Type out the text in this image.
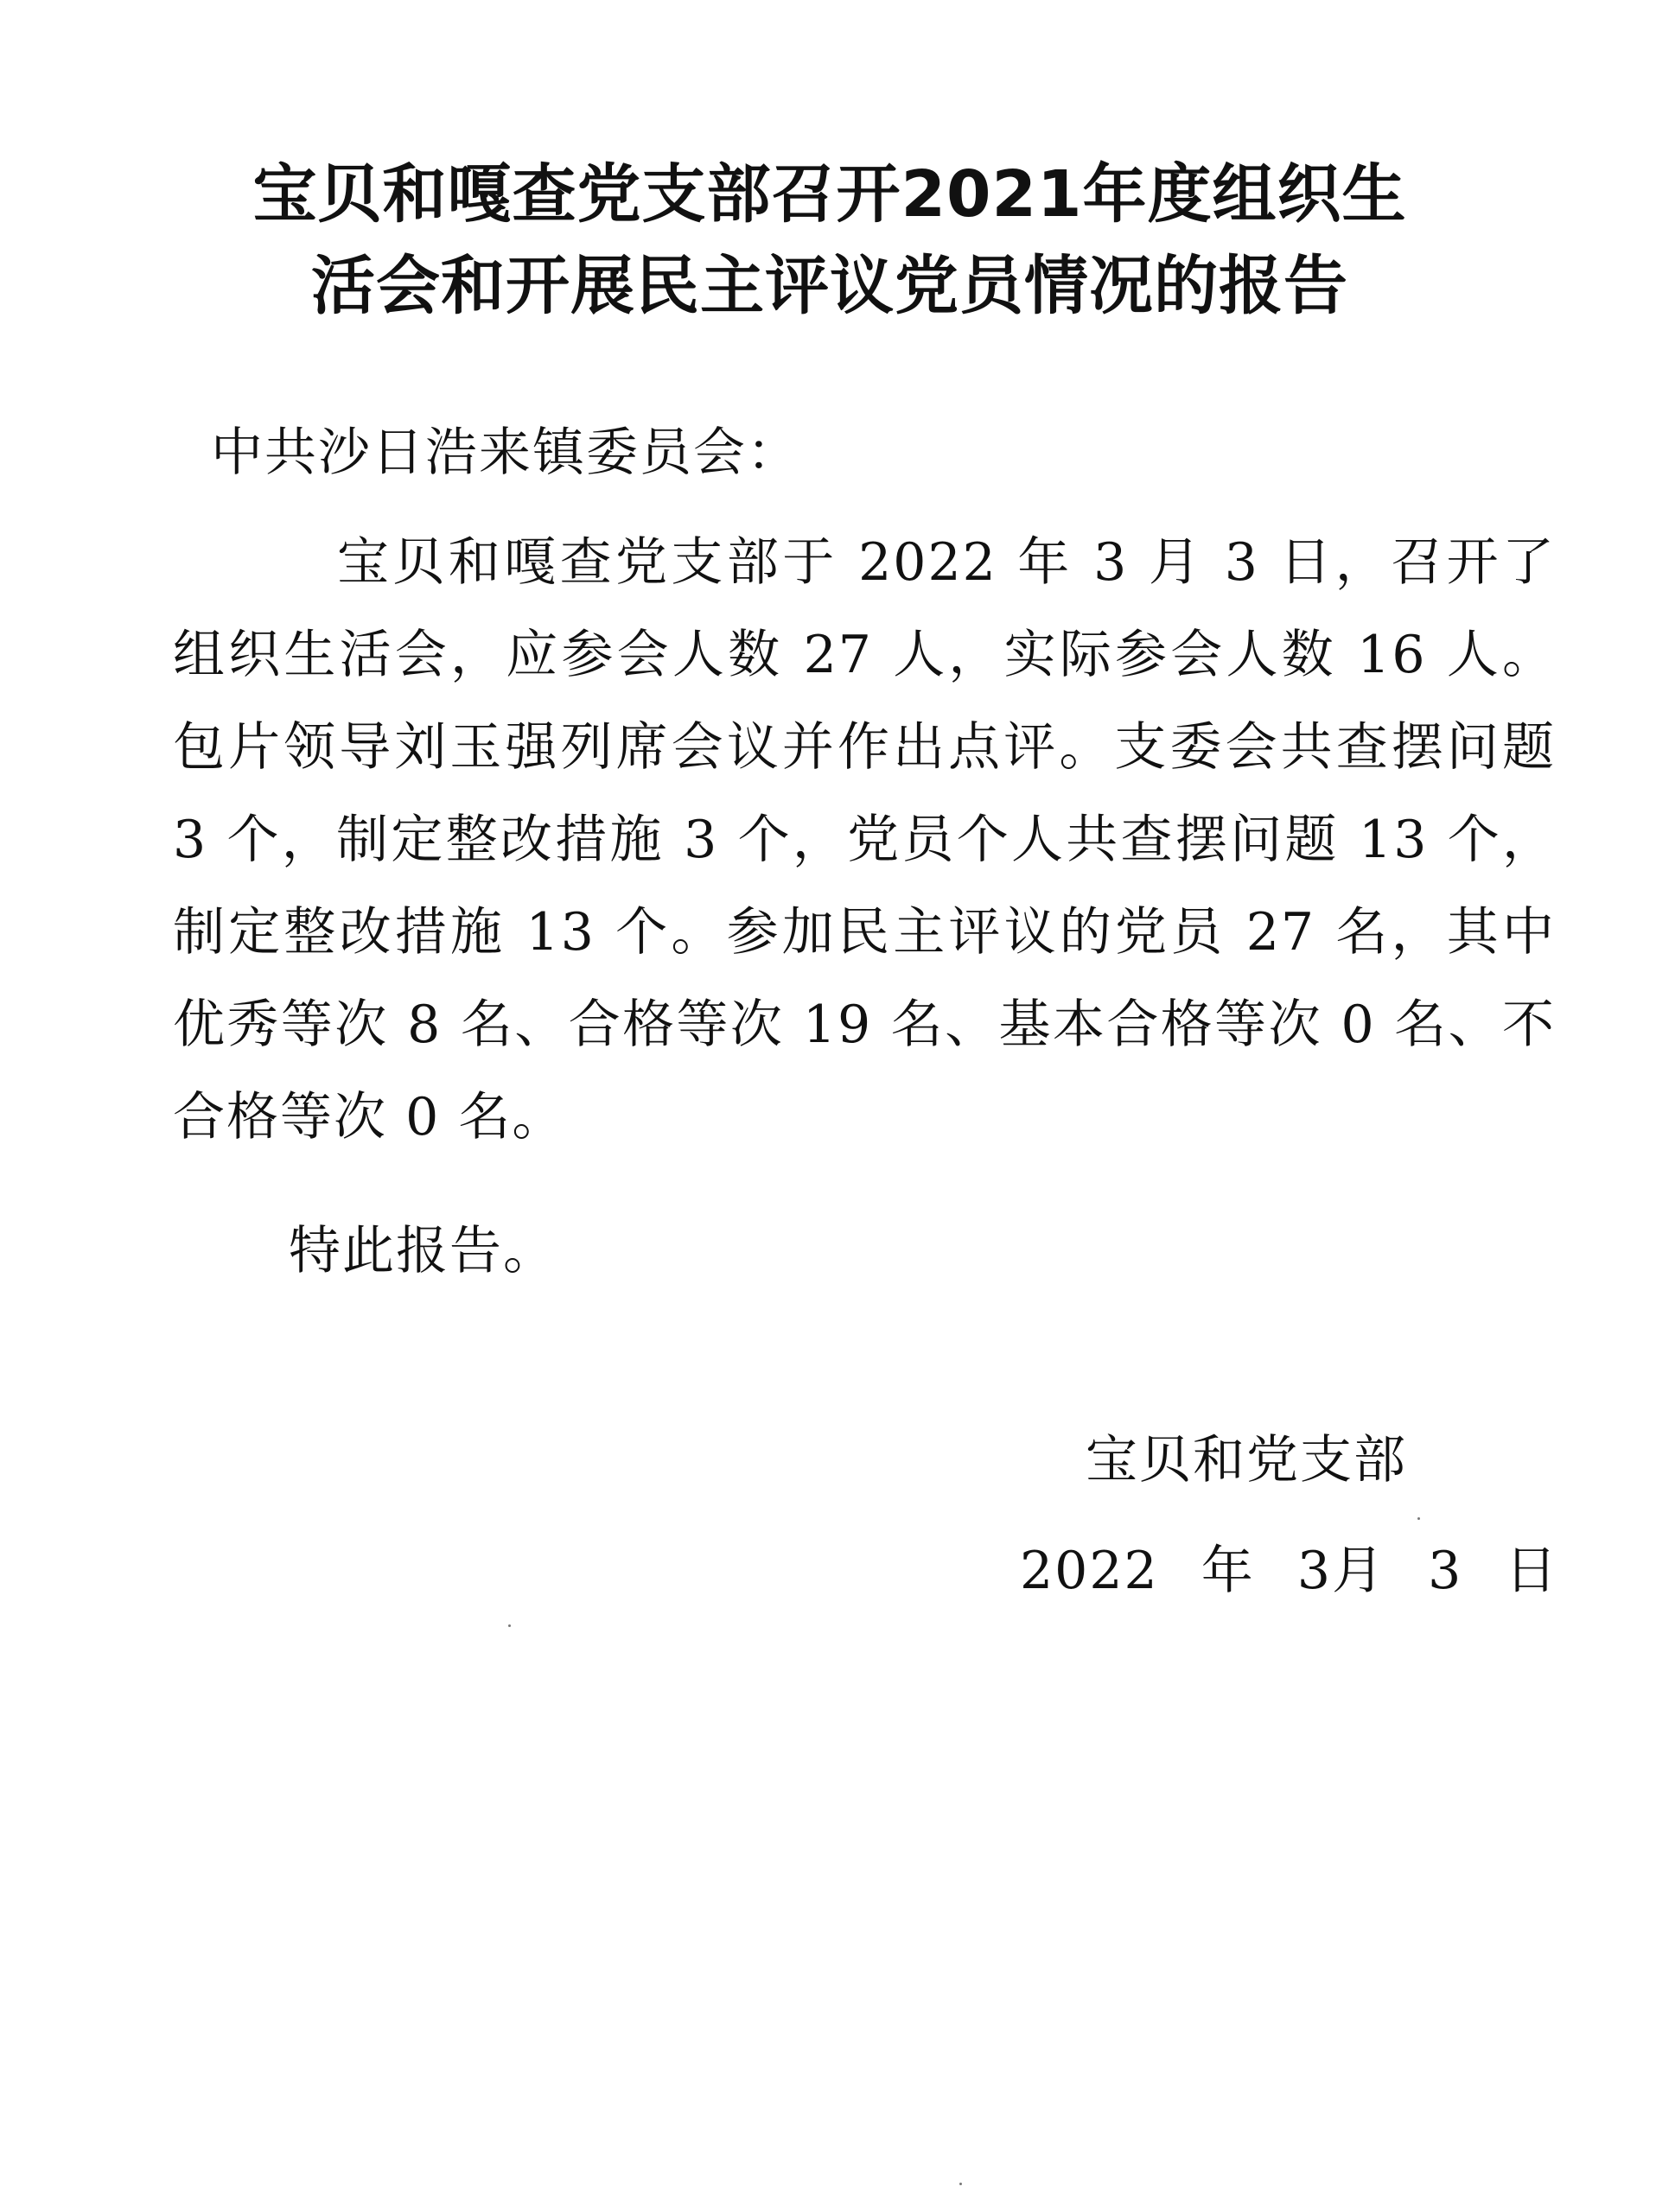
宝贝和嘎查党支部召开2021年度组织生
活会和开展民主评议党员情况的报告
中共沙日浩来镇委员会：

宝贝和嘎查党支部于 2022 年 3 月 3 日，召开了组织生活会，应参会人数 27 人，实际参会人数 16 人。包片领导刘玉强列席会议并作出点评。支委会共查摆问题 3 个，制定整改措施 3 个，党员个人共查摆问题 13 个，制定整改措施 13 个。参加民主评议的党员 27 名，其中优秀等次 8 名、合格等次 19 名、基本合格等次 0 名、不合格等次 0 名。

特此报告。
宝贝和党支部
2022 年 3月 3 日
